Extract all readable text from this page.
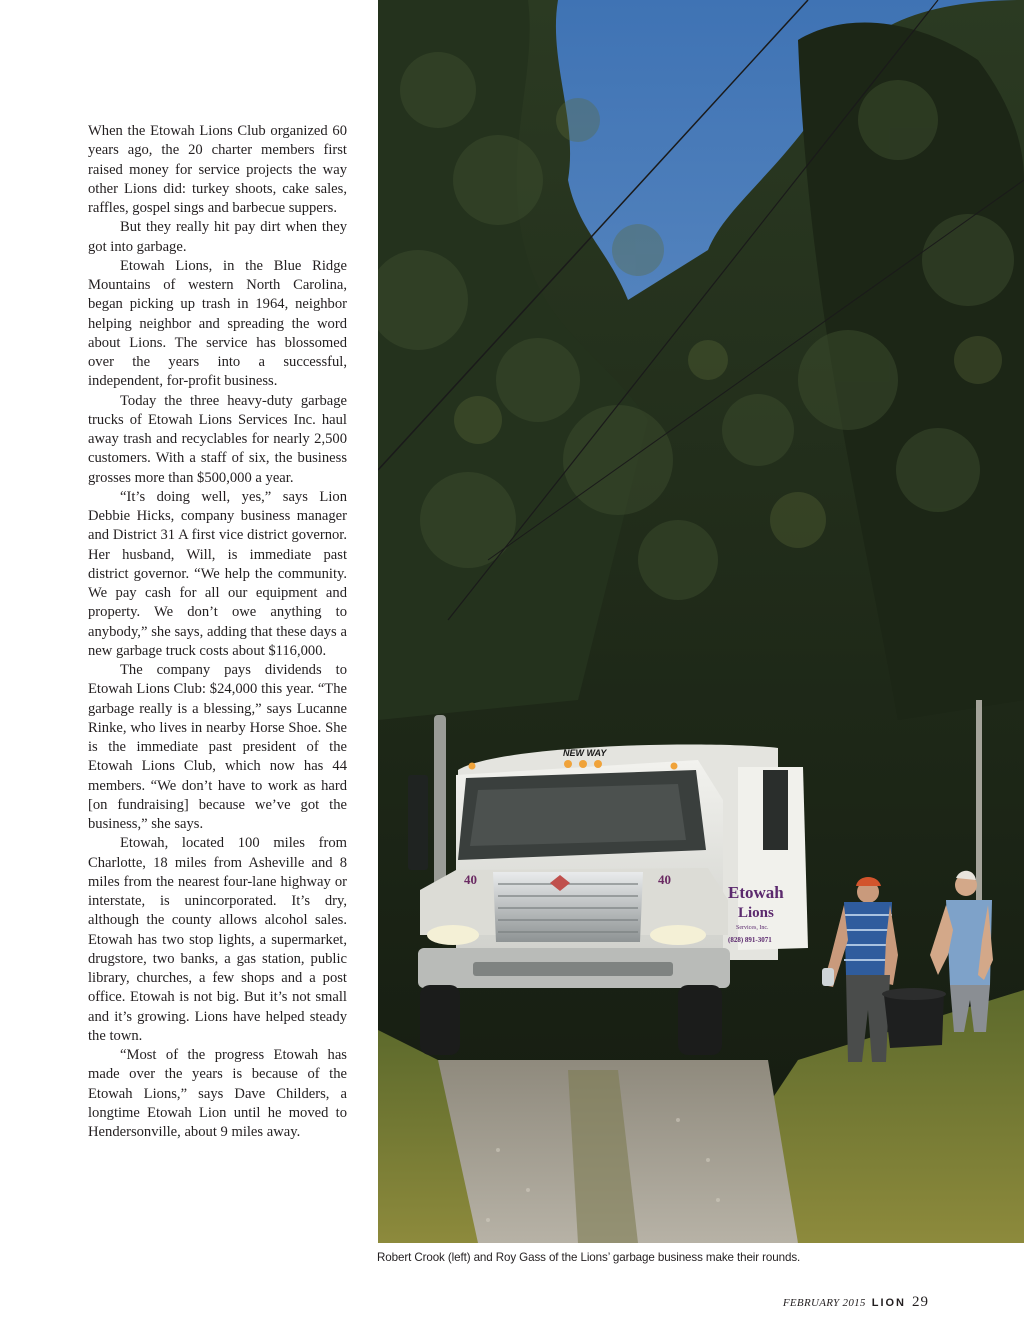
When the Etowah Lions Club organized 60 years ago, the 20 charter members first raised money for service projects the way other Lions did: turkey shoots, cake sales, raffles, gospel sings and barbecue suppers.

But they really hit pay dirt when they got into garbage.

Etowah Lions, in the Blue Ridge Mountains of western North Carolina, began picking up trash in 1964, neighbor helping neighbor and spreading the word about Lions. The service has blossomed over the years into a successful, independent, for-profit business.

Today the three heavy-duty garbage trucks of Etowah Lions Services Inc. haul away trash and recyclables for nearly 2,500 customers. With a staff of six, the business grosses more than $500,000 a year.

“It’s doing well, yes,” says Lion Debbie Hicks, company business manager and District 31 A first vice district governor. Her husband, Will, is immediate past district governor. “We help the community. We pay cash for all our equipment and property. We don’t owe anything to anybody,” she says, adding that these days a new garbage truck costs about $116,000.

The company pays dividends to Etowah Lions Club: $24,000 this year. “The garbage really is a blessing,” says Lucanne Rinke, who lives in nearby Horse Shoe. She is the immediate past president of the Etowah Lions Club, which now has 44 members. “We don’t have to work as hard [on fundraising] because we’ve got the business,” she says.

Etowah, located 100 miles from Charlotte, 18 miles from Asheville and 8 miles from the nearest four-lane highway or interstate, is unincorporated. It’s dry, although the county allows alcohol sales. Etowah has two stop lights, a supermarket, drugstore, two banks, a gas station, public library, churches, a few shops and a post office. Etowah is not big. But it’s not small and it’s growing. Lions have helped steady the town.

“Most of the progress Etowah has made over the years is because of the Etowah Lions,” says Dave Childers, a longtime Etowah Lion until he moved to Hendersonville, about 9 miles away.

NEW WAY
40	40
Etowah
Lions
Services, Inc.
(828) 891-3071
Robert Crook (left) and Roy Gass of the Lions’ garbage business make their rounds.
FEBRUARY 2015 LION 29
